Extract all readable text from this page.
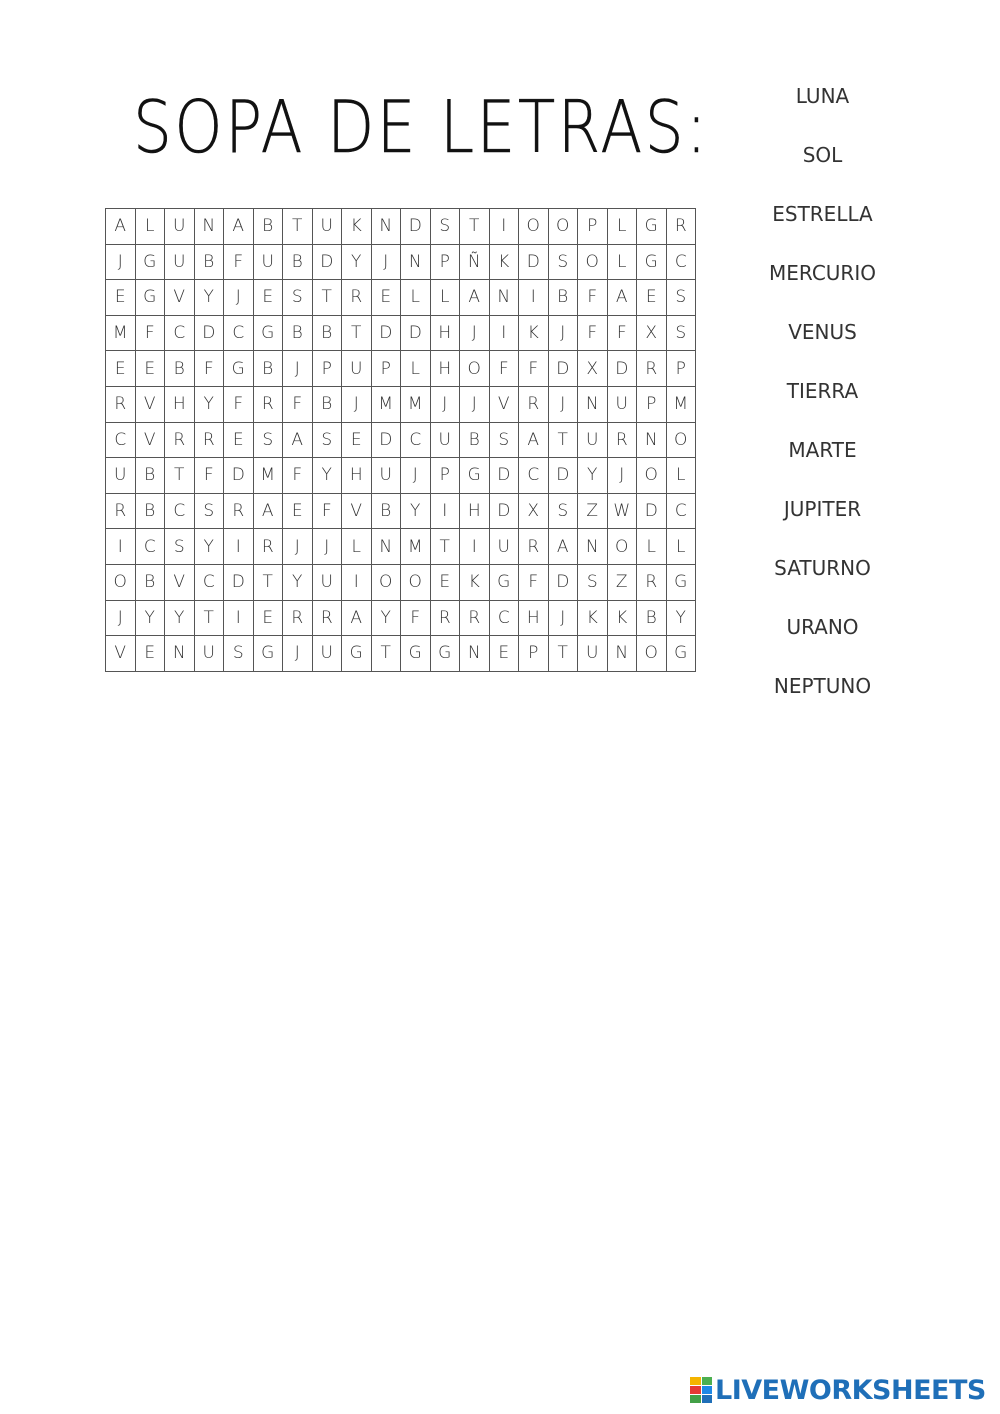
SOPA DE LETRAS:
A	L	U	N	A	B	T	U	K	N	D	S	T	I	O	O	P	L	G	R
J	G	U	B	F	U	B	D	Y	J	N	P	Ñ	K	D	S	O	L	G	C
E	G	V	Y	J	E	S	T	R	E	L	L	A	N	I	B	F	A	E	S
M	F	C	D	C	G	B	B	T	D	D	H	J	I	K	J	F	F	X	S
E	E	B	F	G	B	J	P	U	P	L	H	O	F	F	D	X	D	R	P
R	V	H	Y	F	R	F	B	J	M	M	J	J	V	R	J	N	U	P	M
C	V	R	R	E	S	A	S	E	D	C	U	B	S	A	T	U	R	N	O
U	B	T	F	D	M	F	Y	H	U	J	P	G	D	C	D	Y	J	O	L
R	B	C	S	R	A	E	F	V	B	Y	I	H	D	X	S	Z	W	D	C
I	C	S	Y	I	R	J	J	L	N	M	T	I	U	R	A	N	O	L	L
O	B	V	C	D	T	Y	U	I	O	O	E	K	G	F	D	S	Z	R	G
J	Y	Y	T	I	E	R	R	A	Y	F	R	R	C	H	J	K	K	B	Y
V	E	N	U	S	G	J	U	G	T	G	G	N	E	P	T	U	N	O	G
LUNA
SOL
ESTRELLA
MERCURIO
VENUS
TIERRA
MARTE
JUPITER
SATURNO
URANO
NEPTUNO
LIVEWORKSHEETS
